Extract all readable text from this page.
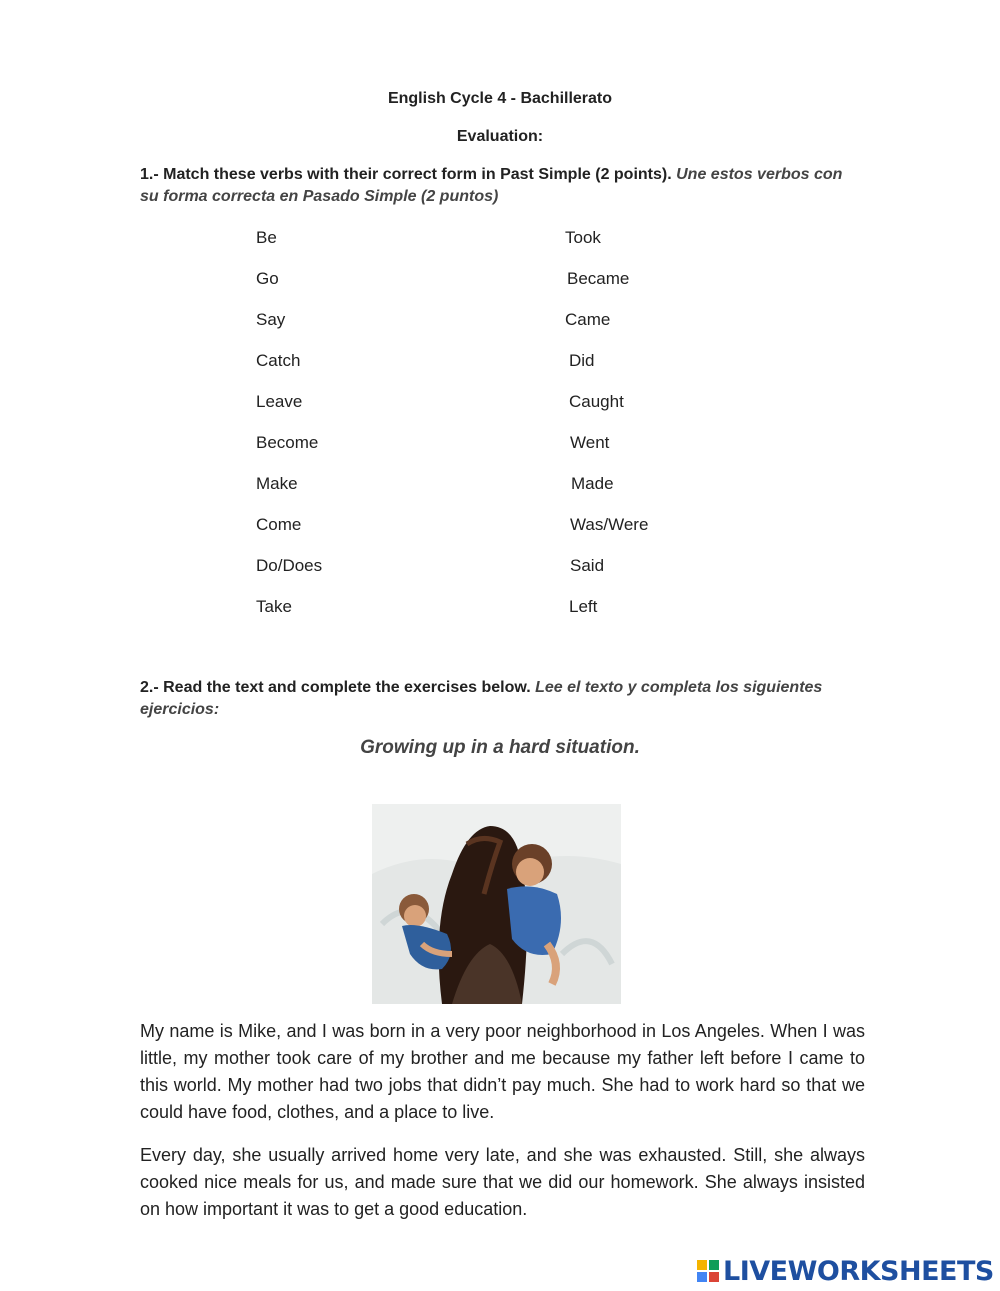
English Cycle 4 - Bachillerato
Evaluation:
1.- Match these verbs with their correct form in Past Simple (2 points). Une estos verbos con su forma correcta en Pasado Simple (2 puntos)
Be
Go
Say
Catch
Leave
Become
Make
Come
Do/Does
Take
Took
Became
Came
Did
Caught
Went
Made
Was/Were
Said
Left
2.- Read the text and complete the exercises below. Lee el texto y completa los siguientes ejercicios:
Growing up in a hard situation.
My name is Mike, and I was born in a very poor neighborhood in Los Angeles. When I was little, my mother took care of my brother and me because my father left before I came to this world. My mother had two jobs that didn’t pay much. She had to work hard so that we could have food, clothes, and a place to live.
Every day, she usually arrived home very late, and she was exhausted. Still, she always cooked nice meals for us, and made sure that we did our homework. She always insisted on how important it was to get a good education.
LIVEWORKSHEETS
